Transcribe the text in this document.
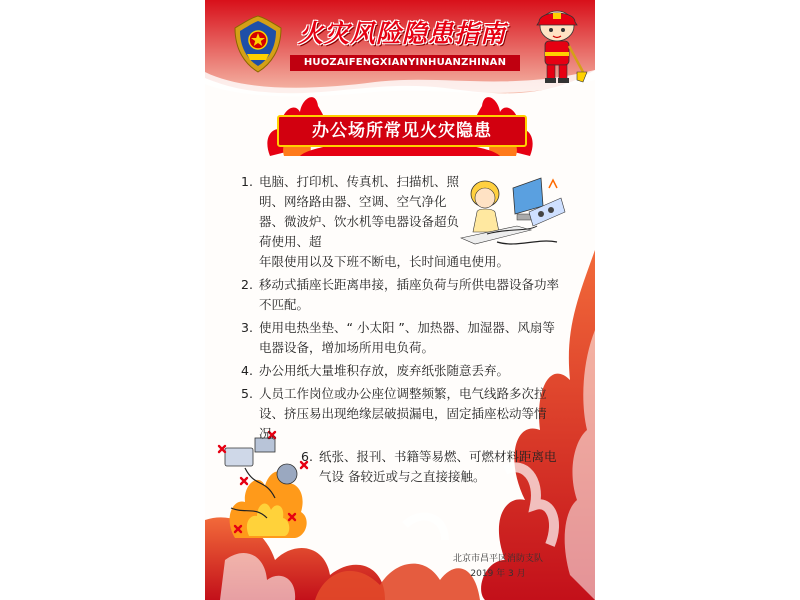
火灾风险隐患指南
HUOZAIFENGXIANYINHUANZHINAN
办公场所常见火灾隐患
1. 电脑、打印机、传真机、扫描机、照明、网络路由器、空调、空气净化器、微波炉、饮水机等电器设备超负荷使用、超
年限使用以及下班不断电，长时间通电使用。
2. 移动式插座长距离串接，插座负荷与所供电器设备功率不匹配。
3. 使用电热坐垫、“ 小太阳 ”、加热器、加湿器、风扇等电器设备，增加场所用电负荷。
4. 办公用纸大量堆积存放，废弃纸张随意丢弃。
5. 人员工作岗位或办公座位调整频繁，电气线路多次拉设、挤压易出现绝缘层破损漏电，固定插座松动等情况。
6. 纸张、报刊、书籍等易燃、可燃材料距离电气设 备较近或与之直接接触。
北京市昌平区消防支队
2019 年 3 月
